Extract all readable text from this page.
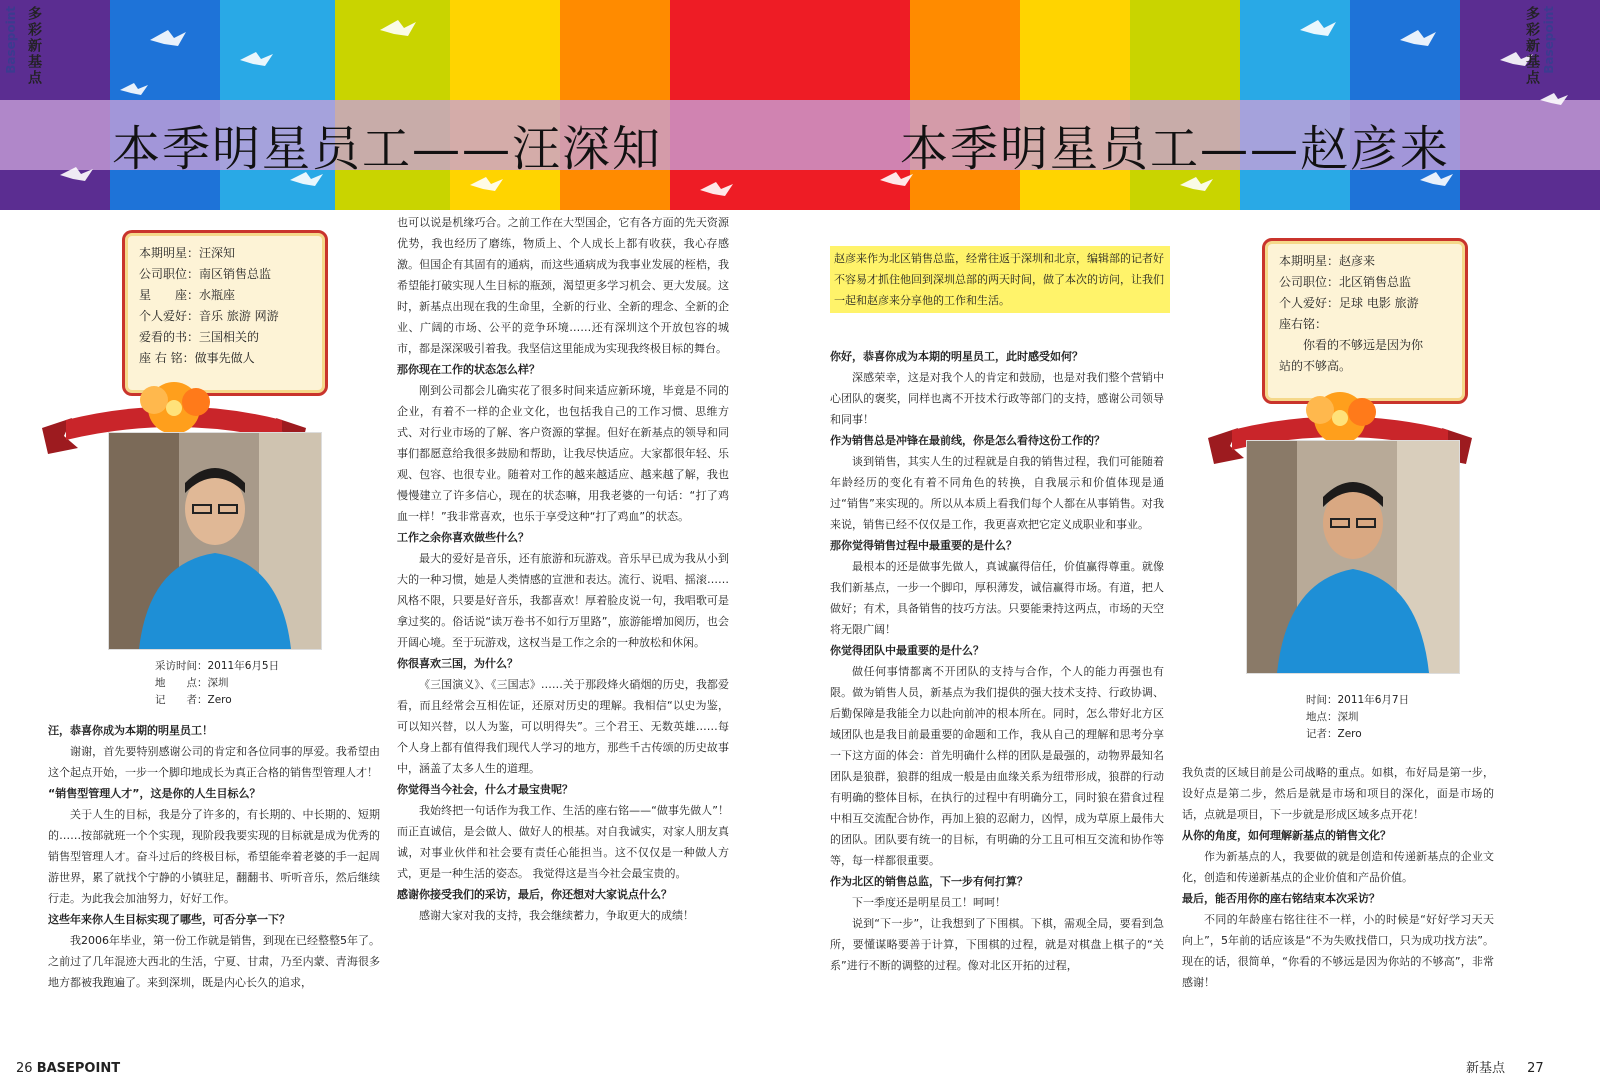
Basepoint 多彩新基点
本季明星员工——汪深知
本期明星：汪深知
公司职位：南区销售总监
星　　座：水瓶座
个人爱好：音乐 旅游 网游
爱看的书：三国相关的
座 右 铭：做事先做人
采访时间：2011年6月5日
地　　点：深圳
记　　者：Zero

汪，恭喜你成为本期的明星员工！

谢谢，首先要特别感谢公司的肯定和各位同事的厚爱。我希望由这个起点开始，一步一个脚印地成长为真正合格的销售型管理人才！

“销售型管理人才”，这是你的人生目标么？

关于人生的目标，我是分了许多的，有长期的、中长期的、短期的……按部就班一个个实现，现阶段我要实现的目标就是成为优秀的销售型管理人才。奋斗过后的终极目标，希望能牵着老婆的手一起周游世界，累了就找个宁静的小镇驻足，翻翻书、听听音乐，然后继续行走。为此我会加油努力，好好工作。

这些年来你人生目标实现了哪些，可否分享一下？

我2006年毕业，第一份工作就是销售，到现在已经整整5年了。之前过了几年混迹大西北的生活，宁夏、甘肃，乃至内蒙、青海很多地方都被我跑遍了。来到深圳，既是内心长久的追求，

也可以说是机缘巧合。之前工作在大型国企，它有各方面的先天资源优势，我也经历了磨练，物质上、个人成长上都有收获，我心存感激。但国企有其固有的通病，而这些通病成为我事业发展的桎梏，我希望能打破实现人生目标的瓶颈，渴望更多学习机会、更大发展。这时，新基点出现在我的生命里，全新的行业、全新的理念、全新的企业、广阔的市场、公平的竞争环境……还有深圳这个开放包容的城市，都是深深吸引着我。我坚信这里能成为实现我终极目标的舞台。

那你现在工作的状态怎么样？

刚到公司都会儿确实花了很多时间来适应新环境，毕竟是不同的企业，有着不一样的企业文化，也包括我自己的工作习惯、思维方式、对行业市场的了解、客户资源的掌握。但好在新基点的领导和同事们都愿意给我很多鼓励和帮助，让我尽快适应。大家都很年轻、乐观、包容、也很专业。随着对工作的越来越适应、越来越了解，我也慢慢建立了许多信心，现在的状态嘛，用我老婆的一句话：“打了鸡血一样！”我非常喜欢，也乐于享受这种“打了鸡血”的状态。

工作之余你喜欢做些什么？

最大的爱好是音乐，还有旅游和玩游戏。音乐早已成为我从小到大的一种习惯，她是人类情感的宣泄和表达。流行、说唱、摇滚……风格不限，只要是好音乐，我都喜欢！厚着脸皮说一句，我唱歌可是拿过奖的。俗话说“读万卷书不如行万里路”，旅游能增加阅历，也会开阔心境。至于玩游戏，这权当是工作之余的一种放松和休闲。

你很喜欢三国，为什么？

《三国演义》、《三国志》……关于那段烽火硝烟的历史，我都爱看，而且经常会互相佐证，还原对历史的理解。我相信“以史为鉴，可以知兴替，以人为鉴，可以明得失”。三个君王、无数英雄……每个人身上都有值得我们现代人学习的地方，那些千古传颂的历史故事中，涵盖了太多人生的道理。

你觉得当今社会，什么才最宝贵呢？

我始终把一句话作为我工作、生活的座右铭——“做事先做人”！而正直诚信，是会做人、做好人的根基。对自我诚实，对家人朋友真诚，对事业伙伴和社会要有责任心能担当。这不仅仅是一种做人方式，更是一种生活的姿态。 我觉得这是当今社会最宝贵的。

感谢你接受我们的采访，最后，你还想对大家说点什么？

感谢大家对我的支持，我会继续蓄力，争取更大的成绩！

26 BASEPOINT
本季明星员工——赵彦来
多彩新基点 Basepoint
赵彦来作为北区销售总监，经常往返于深圳和北京，编辑部的记者好不容易才抓住他回到深圳总部的两天时间，做了本次的访问，让我们一起和赵彦来分享他的工作和生活。
本期明星：赵彦来
公司职位：北区销售总监
个人爱好：足球 电影 旅游
座右铭：
　　你看的不够远是因为你
站的不够高。
时间：2011年6月7日
地点：深圳
记者：Zero

你好，恭喜你成为本期的明星员工，此时感受如何？

深感荣幸，这是对我个人的肯定和鼓励，也是对我们整个营销中心团队的褒奖，同样也离不开技术行政等部门的支持，感谢公司领导和同事！

作为销售总是冲锋在最前线，你是怎么看待这份工作的？

谈到销售，其实人生的过程就是自我的销售过程，我们可能随着年龄经历的变化有着不同角色的转换，自我展示和价值体现是通过“销售”来实现的。所以从本质上看我们每个人都在从事销售。对我来说，销售已经不仅仅是工作，我更喜欢把它定义成职业和事业。

那你觉得销售过程中最重要的是什么？

最根本的还是做事先做人，真诚赢得信任，价值赢得尊重。就像我们新基点，一步一个脚印，厚积薄发，诚信赢得市场。有道，把人做好；有术，具备销售的技巧方法。只要能秉持这两点，市场的天空将无限广阔！

你觉得团队中最重要的是什么？

做任何事情都离不开团队的支持与合作，个人的能力再强也有限。做为销售人员，新基点为我们提供的强大技术支持、行政协调、后勤保障是我能全力以赴向前冲的根本所在。同时，怎么带好北方区域团队也是我目前最重要的命题和工作，我从自己的理解和思考分享一下这方面的体会：首先明确什么样的团队是最强的，动物界最知名团队是狼群，狼群的组成一般是由血缘关系为纽带形成，狼群的行动有明确的整体目标，在执行的过程中有明确分工，同时狼在猎食过程中相互交流配合协作，再加上狼的忍耐力，凶悍，成为草原上最伟大的团队。团队要有统一的目标，有明确的分工且可相互交流和协作等等，每一样都很重要。

作为北区的销售总监，下一步有何打算？

下一季度还是明星员工！呵呵！

说到“下一步”，让我想到了下围棋。下棋，需观全局，要看到急所，要懂谋略要善于计算，下围棋的过程，就是对棋盘上棋子的“关系”进行不断的调整的过程。像对北区开拓的过程，

我负责的区域目前是公司战略的重点。如棋，布好局是第一步，设好点是第二步，然后是就是市场和项目的深化，面是市场的话，点就是项目，下一步就是形成区域多点开花！

从你的角度，如何理解新基点的销售文化？

作为新基点的人，我要做的就是创造和传递新基点的企业文化，创造和传递新基点的企业价值和产品价值。

最后，能否用你的座右铭结束本次采访？

不同的年龄座右铭往往不一样，小的时候是“好好学习天天向上”，5年前的话应该是“不为失败找借口，只为成功找方法”。现在的话，很简单，“你看的不够远是因为你站的不够高”，非常感谢！

新基点 27
